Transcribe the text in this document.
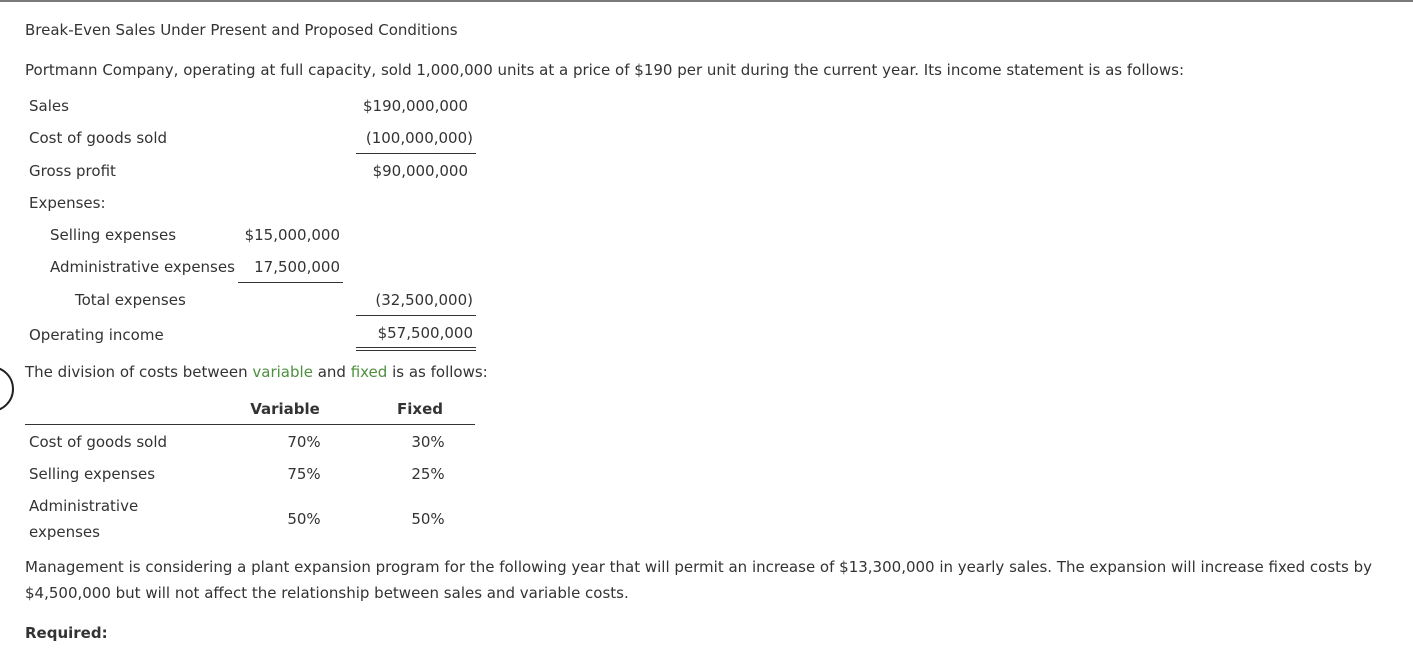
Break-Even Sales Under Present and Proposed Conditions
Portmann Company, operating at full capacity, sold 1,000,000 units at a price of $190 per unit during the current year. Its income statement is as follows:
Sales	$190,000,000
Cost of goods sold	(100,000,000)
Gross profit	$90,000,000
Expenses:
Selling expenses	$15,000,000
Administrative expenses	17,500,000
Total expenses	(32,500,000)
Operating income	$57,500,000
The division of costs between variable and fixed is as follows:
Variable	Fixed
Cost of goods sold	70%	30%
Selling expenses	75%	25%
Administrative
expenses
50%	50%
Management is considering a plant expansion program for the following year that will permit an increase of $13,300,000 in yearly sales. The expansion will increase fixed costs by
$4,500,000 but will not affect the relationship between sales and variable costs.
Required:
